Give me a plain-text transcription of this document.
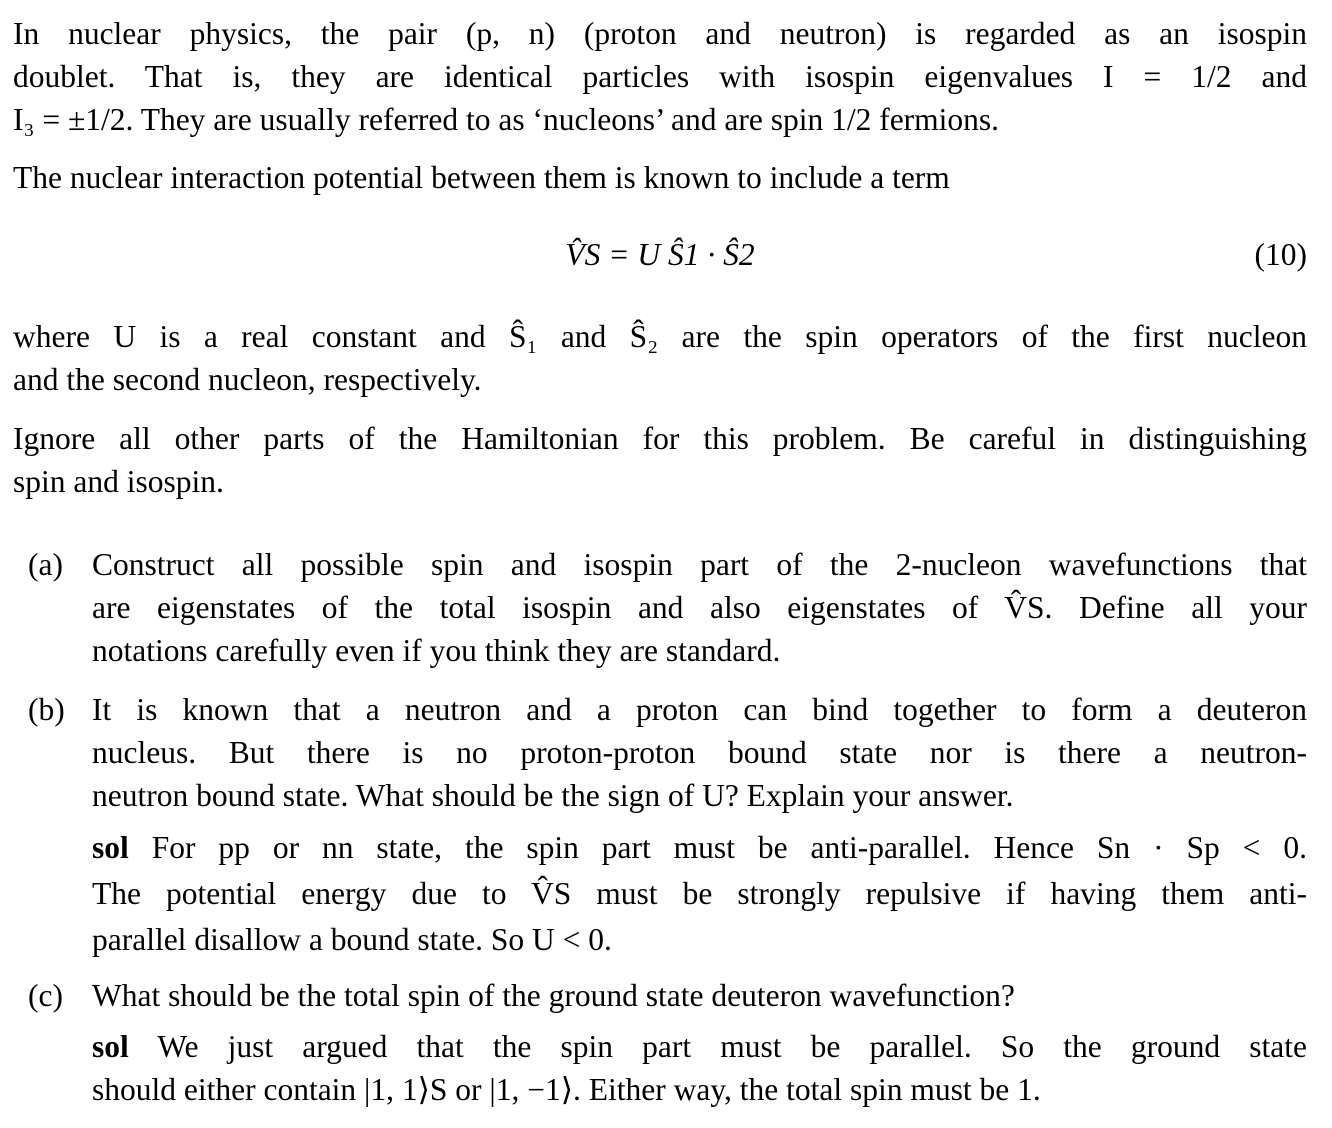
In nuclear physics, the pair (p, n) (proton and neutron) is regarded as an isospin
doublet. That is, they are identical particles with isospin eigenvalues I = 1/2 and
I₃ = ±1/2. They are usually referred to as ‘nucleons’ and are spin 1/2 fermions.
The nuclear interaction potential between them is known to include a term
V̂S = U Ŝ1 · Ŝ2	(10)
where U is a real constant and Ŝ₁ and Ŝ₂ are the spin operators of the first nucleon
and the second nucleon, respectively.
Ignore all other parts of the Hamiltonian for this problem. Be careful in distinguishing
spin and isospin.
(a) Construct all possible spin and isospin part of the 2-nucleon wavefunctions that
are eigenstates of the total isospin and also eigenstates of V̂S. Define all your
notations carefully even if you think they are standard.
(b) It is known that a neutron and a proton can bind together to form a deuteron
nucleus. But there is no proton-proton bound state nor is there a neutron-
neutron bound state. What should be the sign of U? Explain your answer.
sol For pp or nn state, the spin part must be anti-parallel. Hence Sn · Sp < 0.
The potential energy due to V̂S must be strongly repulsive if having them anti-
parallel disallow a bound state. So U < 0.
(c) What should be the total spin of the ground state deuteron wavefunction?
sol We just argued that the spin part must be parallel. So the ground state
should either contain |1, 1⟩S or |1, −1⟩. Either way, the total spin must be 1.
